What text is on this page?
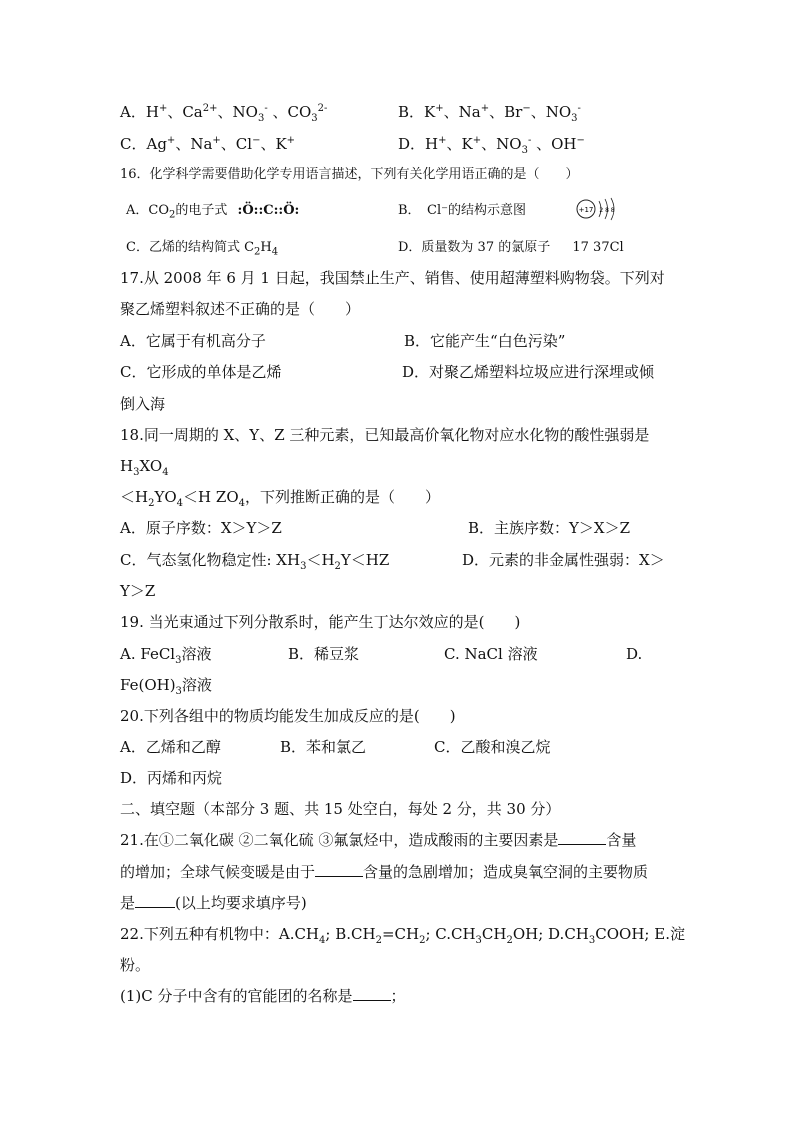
A．H+、$Ca^{2+}$、$NO_3^-$ 、$CO_3^{2-}$	B．K+、Na+、Br−、$NO_3^-$
C．Ag+、Na+、Cl−、K+	D．H+、K+、$NO_3^-$ 、OH−
16．化学科学需要借助化学专用语言描述，下列有关化学用语正确的是（　　）
A．$CO_2$的电子式 :Ö::C::Ö:	B．　Cl⁻的结构示意图	+17 2 8 8
C．乙烯的结构简式 $C_2H_4$	D．质量数为 37 的氯原子 17 37Cl
17.从 2008 年 6 月 1 日起，我国禁止生产、销售、使用超薄塑料购物袋。下列对
聚乙烯塑料叙述不正确的是（　　）
A．它属于有机高分子	B．它能产生“白色污染”
C．它形成的单体是乙烯	D．对聚乙烯塑料垃圾应进行深埋或倾
倒入海
18.同一周期的 X、Y、Z 三种元素，已知最高价氧化物对应水化物的酸性强弱是
$H_3XO_4$
$<H_2YO_4<H$ $ZO_4$，下列推断正确的是（　　）
A．原子序数：X＞Y＞Z	B．主族序数：Y＞X＞Z
C．气态氢化物稳定性: $XH_3<H_2Y<HZ$	D．元素的非金属性强弱：X＞
Y＞Z
19. 当光束通过下列分散系时，能产生丁达尔效应的是(　　)
A. FeCl$_3$溶液	B．稀豆浆	C. NaCl 溶液	D.
$Fe(OH)_3$溶液
20.下列各组中的物质均能发生加成反应的是(　　)
A．乙烯和乙醇	B．苯和氯乙	C．乙酸和溴乙烷
D．丙烯和丙烷
二、填空题（本部分 3 题、共 15 处空白，每处 2 分，共 30 分）
21.在①二氧化碳 ②二氧化硫 ③氟氯烃中，造成酸雨的主要因素是	含量
的增加；全球气候变暖是由于	含量的急剧增加；造成臭氧空洞的主要物质
是	(以上均要求填序号)
22.下列五种有机物中：$A.CH_4$; $B.CH_2=CH_2$; $C.CH_3CH_2OH$; $D.CH_3COOH$; E.淀
粉。
(1)C 分子中含有的官能团的名称是	；
